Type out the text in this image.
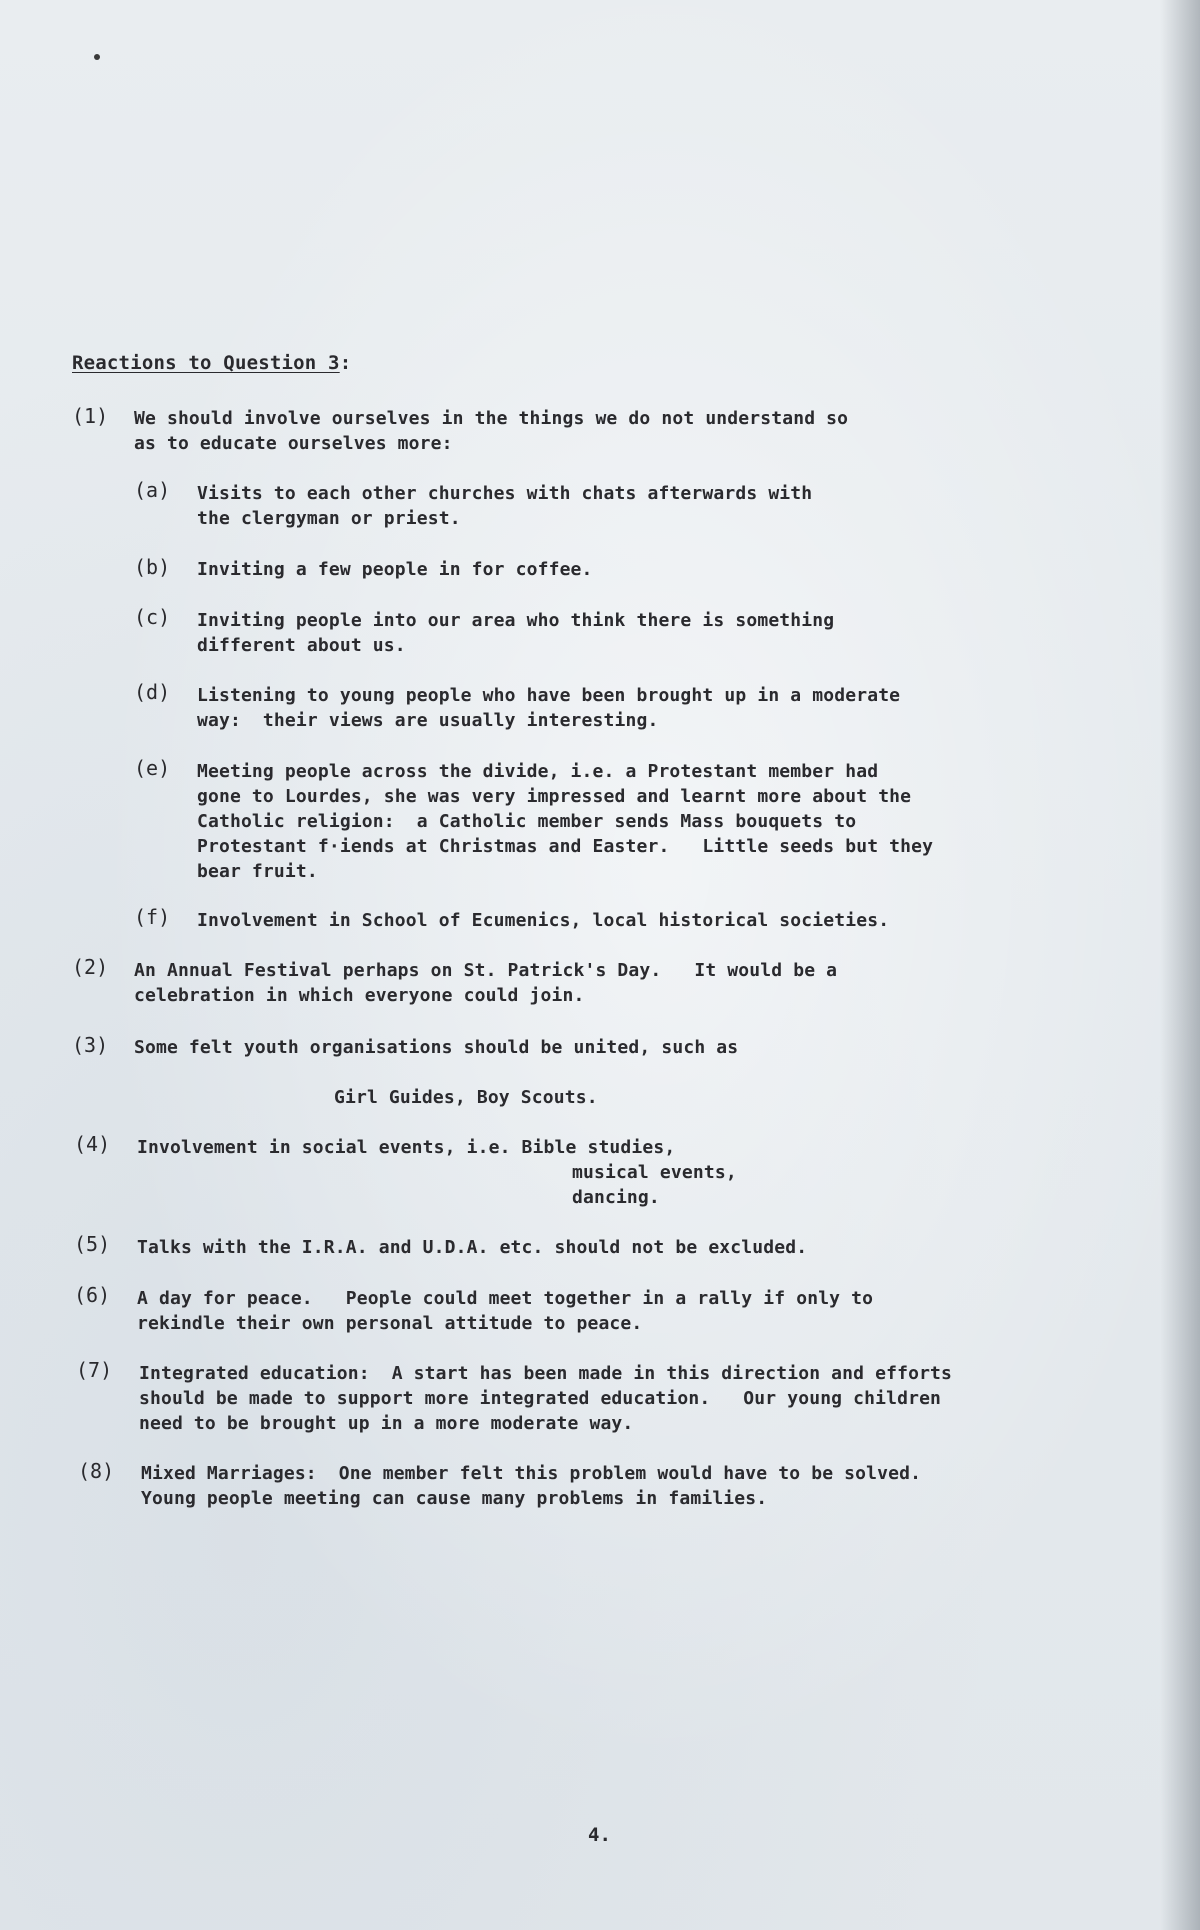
Reactions to Question 3:
(1) We should involve ourselves in the things we do not understand so
as to educate ourselves more:
(a) Visits to each other churches with chats afterwards with
the clergyman or priest.
(b) Inviting a few people in for coffee.
(c) Inviting people into our area who think there is something
different about us.
(d) Listening to young people who have been brought up in a moderate
way:  their views are usually interesting.
(e) Meeting people across the divide, i.e. a Protestant member had
gone to Lourdes, she was very impressed and learnt more about the
Catholic religion:  a Catholic member sends Mass bouquets to
Protestant f·iends at Christmas and Easter.   Little seeds but they
bear fruit.
(f) Involvement in School of Ecumenics, local historical societies.
(2) An Annual Festival perhaps on St. Patrick's Day.   It would be a
celebration in which everyone could join.
(3) Some felt youth organisations should be united, such as
Girl Guides, Boy Scouts.
(4) Involvement in social events, i.e. Bible studies,
musical events,
dancing.
(5) Talks with the I.R.A. and U.D.A. etc. should not be excluded.
(6) A day for peace.   People could meet together in a rally if only to
rekindle their own personal attitude to peace.
(7) Integrated education:  A start has been made in this direction and efforts
should be made to support more integrated education.   Our young children
need to be brought up in a more moderate way.
(8) Mixed Marriages:  One member felt this problem would have to be solved.
Young people meeting can cause many problems in families.
4.
